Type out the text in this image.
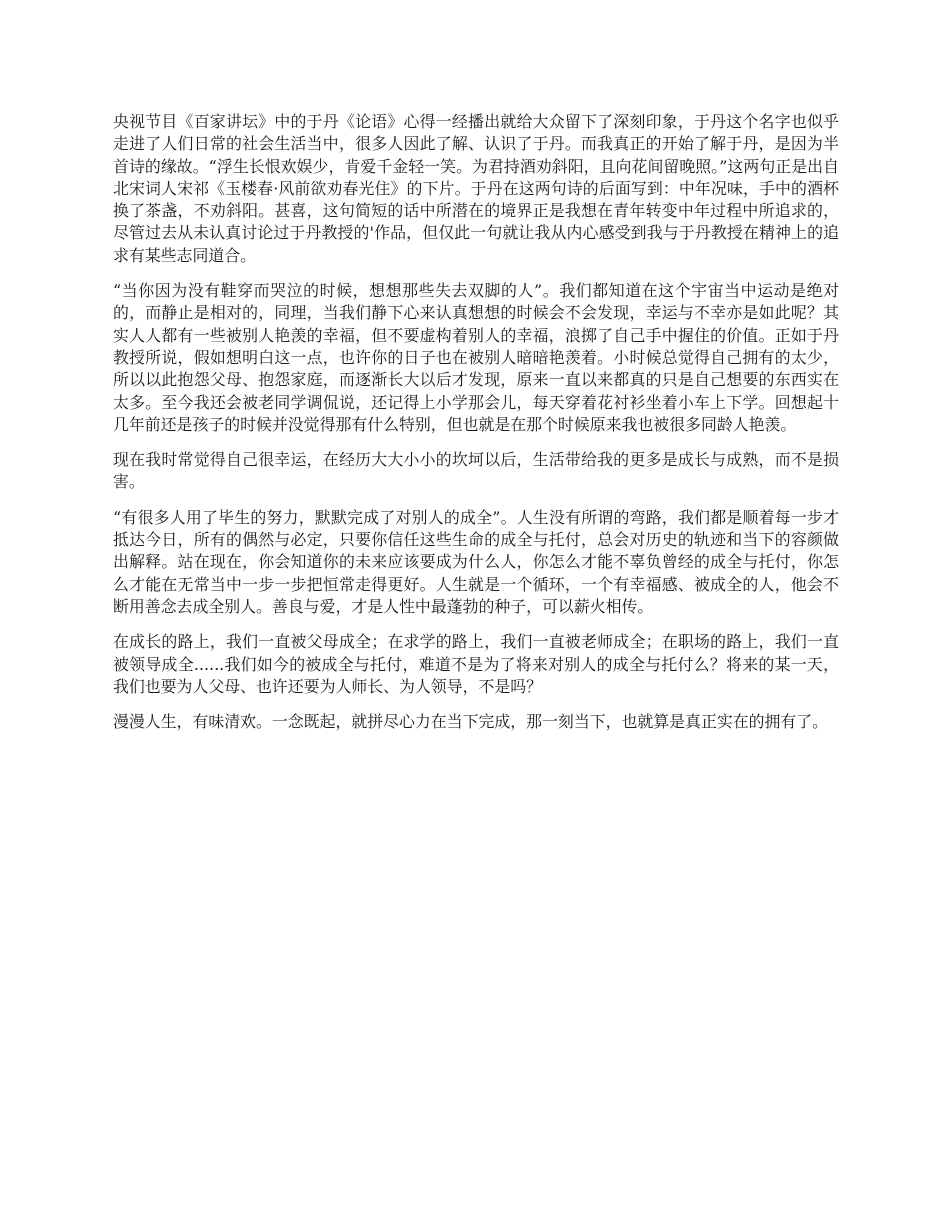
央视节目《百家讲坛》中的于丹《论语》心得一经播出就给大众留下了深刻印象，于丹这个名字也似乎走进了人们日常的社会生活当中，很多人因此了解、认识了于丹。而我真正的开始了解于丹，是因为半首诗的缘故。“浮生长恨欢娱少，肯爱千金轻一笑。为君持酒劝斜阳，且向花间留晚照。”这两句正是出自北宋词人宋祁《玉楼春·风前欲劝春光住》的下片。于丹在这两句诗的后面写到：中年况味，手中的酒杯换了茶盏，不劝斜阳。甚喜，这句简短的话中所潜在的境界正是我想在青年转变中年过程中所追求的，尽管过去从未认真讨论过于丹教授的'作品，但仅此一句就让我从内心感受到我与于丹教授在精神上的追求有某些志同道合。

“当你因为没有鞋穿而哭泣的时候，想想那些失去双脚的人”。我们都知道在这个宇宙当中运动是绝对的，而静止是相对的，同理，当我们静下心来认真想想的时候会不会发现，幸运与不幸亦是如此呢？其实人人都有一些被别人艳羡的幸福，但不要虚构着别人的幸福，浪掷了自己手中握住的价值。正如于丹教授所说，假如想明白这一点，也许你的日子也在被别人暗暗艳羡着。小时候总觉得自己拥有的太少，所以以此抱怨父母、抱怨家庭，而逐渐长大以后才发现，原来一直以来都真的只是自己想要的东西实在太多。至今我还会被老同学调侃说，还记得上小学那会儿，每天穿着花衬衫坐着小车上下学。回想起十几年前还是孩子的时候并没觉得那有什么特别，但也就是在那个时候原来我也被很多同龄人艳羡。

现在我时常觉得自己很幸运，在经历大大小小的坎坷以后，生活带给我的更多是成长与成熟，而不是损害。

“有很多人用了毕生的努力，默默完成了对别人的成全”。人生没有所谓的弯路，我们都是顺着每一步才抵达今日，所有的偶然与必定，只要你信任这些生命的成全与托付，总会对历史的轨迹和当下的容颜做出解释。站在现在，你会知道你的未来应该要成为什么人，你怎么才能不辜负曾经的成全与托付，你怎么才能在无常当中一步一步把恒常走得更好。人生就是一个循环，一个有幸福感、被成全的人，他会不断用善念去成全别人。善良与爱，才是人性中最蓬勃的种子，可以薪火相传。

在成长的路上，我们一直被父母成全；在求学的路上，我们一直被老师成全；在职场的路上，我们一直被领导成全......我们如今的被成全与托付，难道不是为了将来对别人的成全与托付么？将来的某一天，我们也要为人父母、也许还要为人师长、为人领导，不是吗？

漫漫人生，有味清欢。一念既起，就拼尽心力在当下完成，那一刻当下，也就算是真正实在的拥有了。
